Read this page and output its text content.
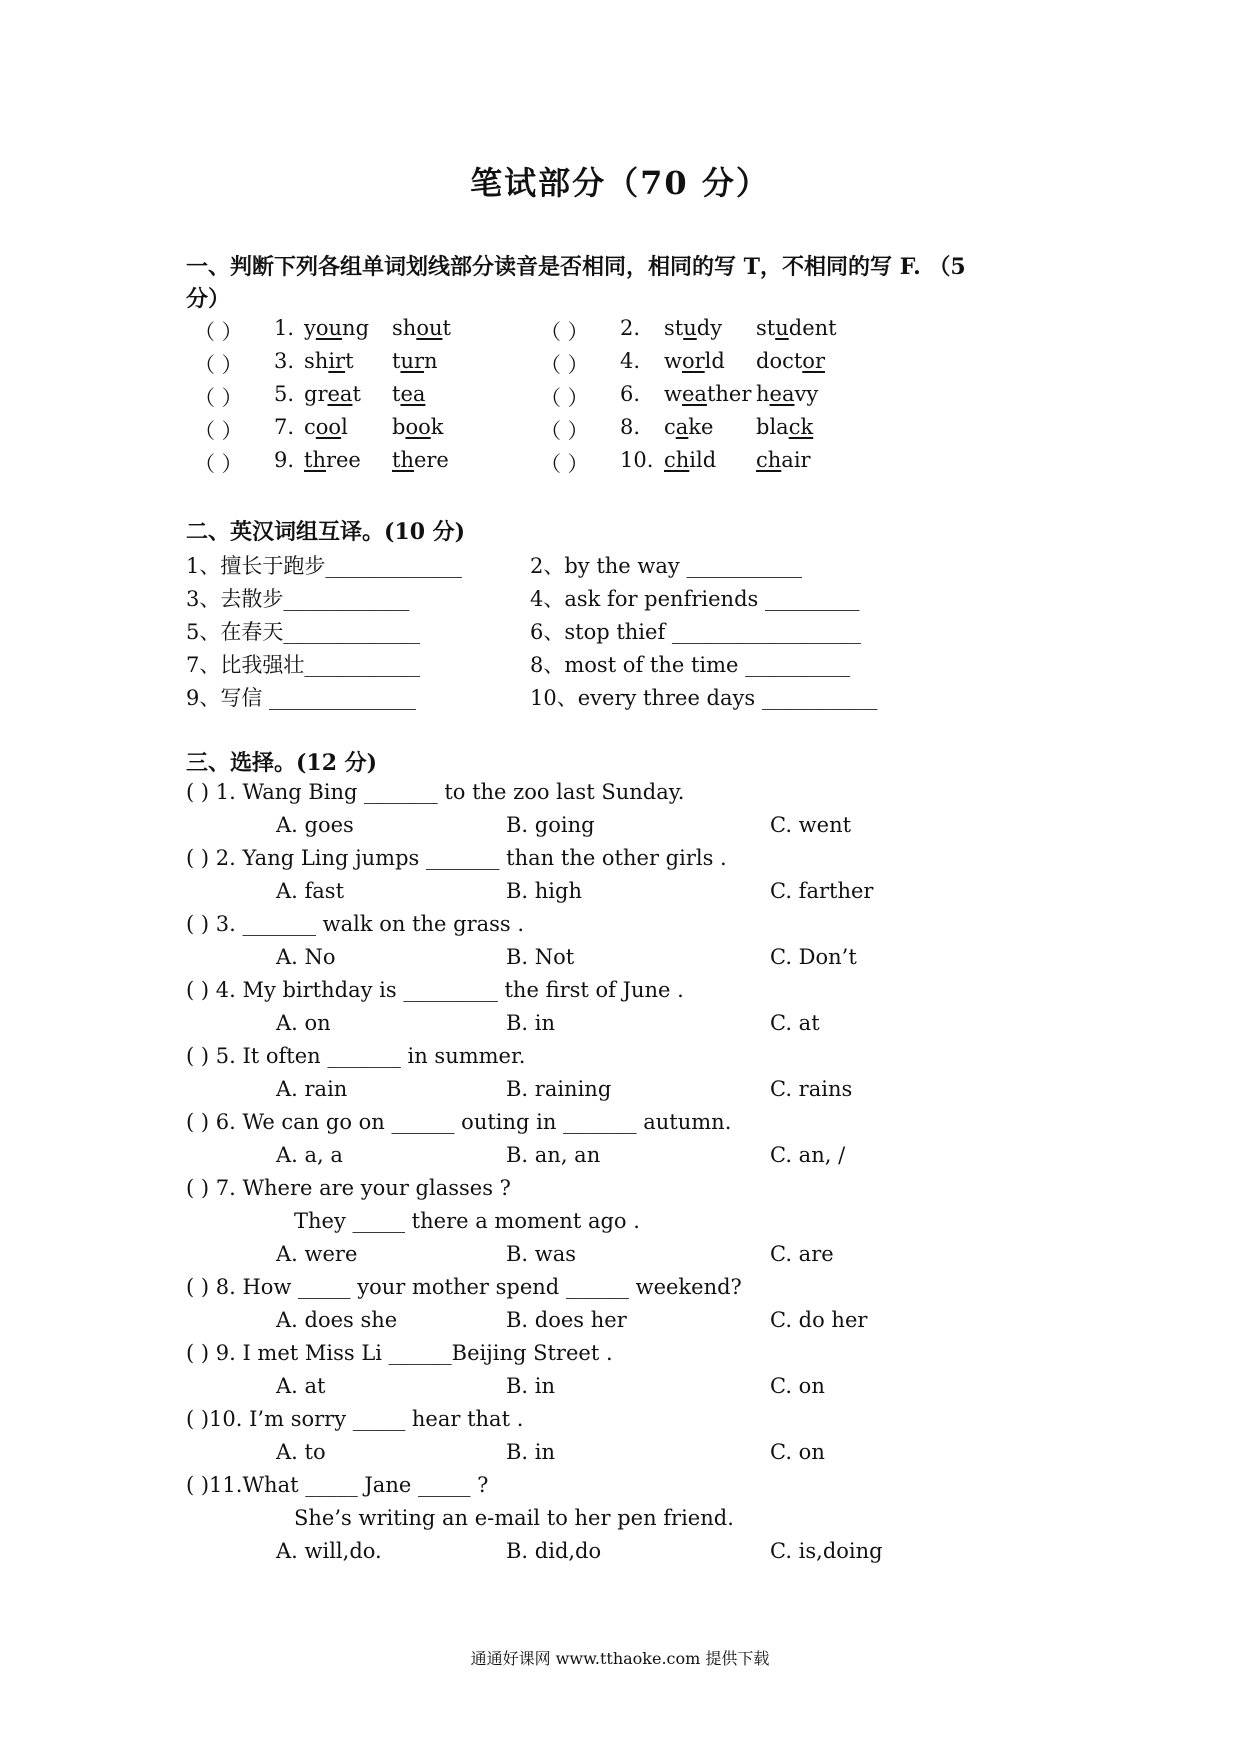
笔试部分（70 分）
一、判断下列各组单词划线部分读音是否相同，相同的写 T，不相同的写 F. （5
分）
二、英汉词组互译。(10 分)
三、选择。(12 分)
通通好课网 www.tthaoke.com 提供下载
（ ） 1. young shout	（ ） 2. study student
（ ） 3. shirt turn	（ ） 4. world doctor
（ ） 5. great tea	（ ） 6. weather heavy
（ ） 7. cool book	（ ） 8. cake black
（ ） 9. three there	（ ） 10. child chair
1、擅长于跑步_____________	2、by the way ___________
3、去散步____________	4、ask for penfriends _________
5、在春天_____________	6、stop thief __________________
7、比我强壮___________	8、most of the time __________
9、写信 ______________	10、every three days ___________
( ) 1. Wang Bing _______ to the zoo last Sunday.
A. goes	B. going	C. went
( ) 2. Yang Ling jumps _______ than the other girls .
A. fast	B. high	C. farther
( ) 3. _______ walk on the grass .
A. No	B. Not	C. Don’t
( ) 4. My birthday is _________ the first of June .
A. on	B. in	C. at
( ) 5. It often _______ in summer.
A. rain	B. raining	C. rains
( ) 6. We can go on ______ outing in _______ autumn.
A. a, a	B. an, an	C. an, /
( ) 7. Where are your glasses ?
They _____ there a moment ago .
A. were	B. was	C. are
( ) 8. How _____ your mother spend ______ weekend?
A. does she	B. does her	C. do her
( ) 9. I met Miss Li ______Beijing Street .
A. at	B. in	C. on
( )10. I’m sorry _____ hear that .
A. to	B. in	C. on
( )11.What _____ Jane _____ ?
She’s writing an e-mail to her pen friend.
A. will,do.	B. did,do	C. is,doing
